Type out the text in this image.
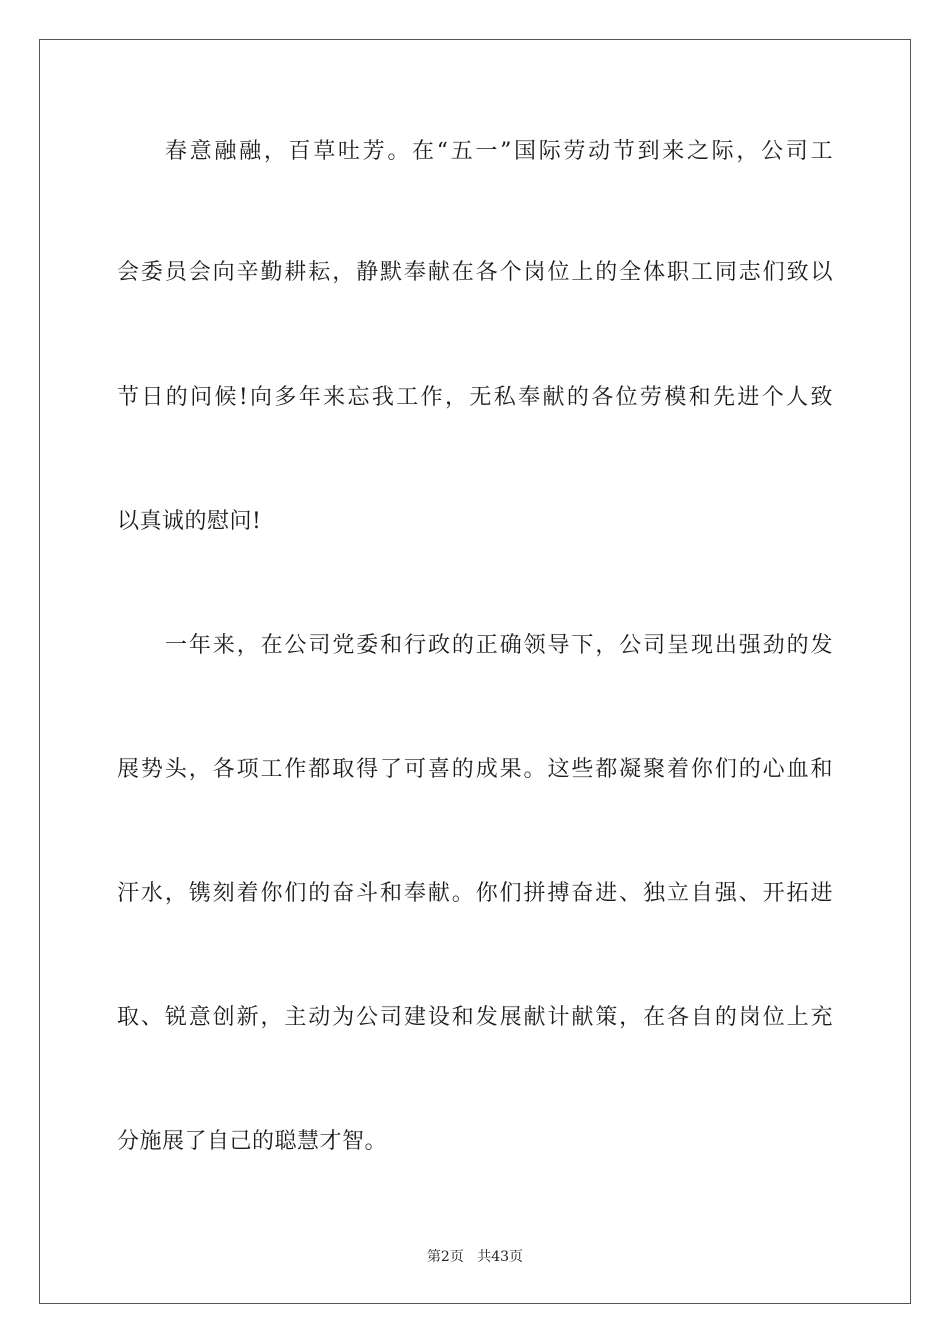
春意融融，百草吐芳。在“五一”国际劳动节到来之际，公司工
会委员会向辛勤耕耘，静默奉献在各个岗位上的全体职工同志们致以
节日的问候!向多年来忘我工作，无私奉献的各位劳模和先进个人致
以真诚的慰问!
一年来，在公司党委和行政的正确领导下，公司呈现出强劲的发
展势头，各项工作都取得了可喜的成果。这些都凝聚着你们的心血和
汗水，镌刻着你们的奋斗和奉献。你们拼搏奋进、独立自强、开拓进
取、锐意创新，主动为公司建设和发展献计献策，在各自的岗位上充
分施展了自己的聪慧才智。
第2页 共43页
